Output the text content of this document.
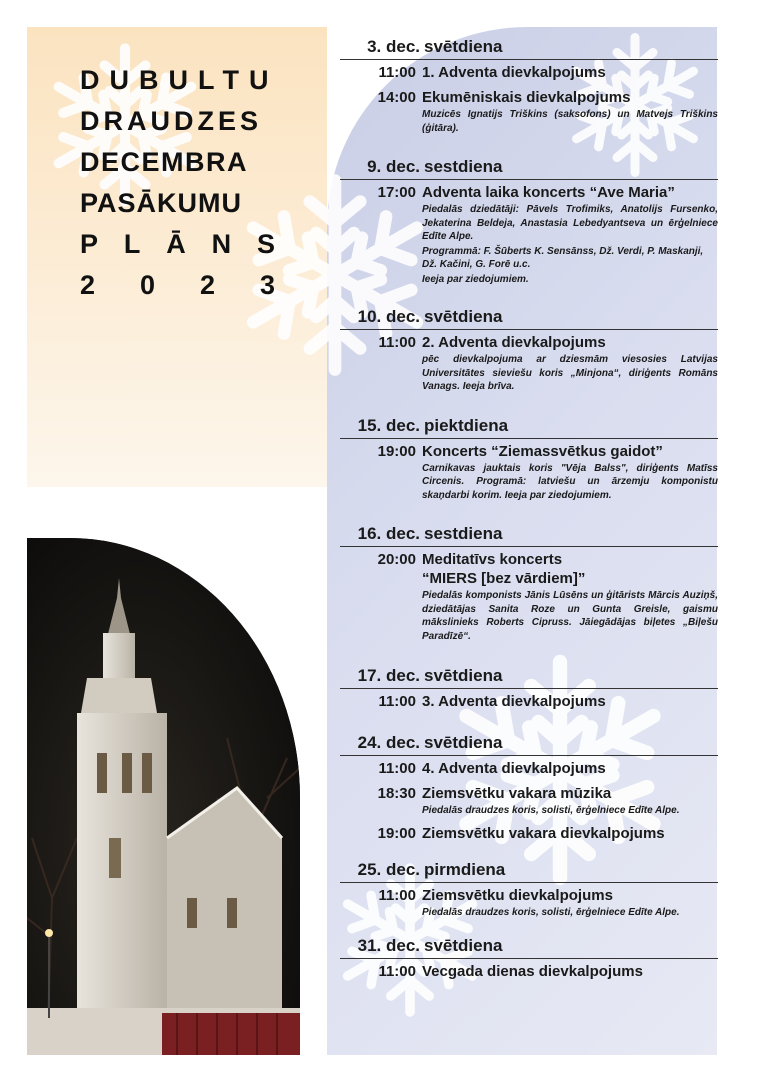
DUBULTU
DRAUDZES
DECEMBRA
PASĀKUMU
P L Ā N S
2 0 2 3
3. dec. svētdiena
11:00 1. Adventa dievkalpojums
14:00 Ekumēniskais dievkalpojums
Muzicēs Ignatijs Triškins (saksofons) un Matvejs Triškins (ģitāra).
9. dec. sestdiena
17:00 Adventa laika koncerts “Ave Maria”
Piedalās dziedātāji: Pāvels Trofimiks, Anatolijs Fursenko, Jekaterina Beldeja, Anastasia Lebedyantseva un ērģelniece Edīte Alpe.
Programmā: F. Šūberts K. Sensānss, Dž. Verdi, P. Maskanji, Dž. Kačini, G. Forē u.c.
Ieeja par ziedojumiem.
10. dec. svētdiena
11:00 2. Adventa dievkalpojums
pēc dievkalpojuma ar dziesmām viesosies Latvijas Universitātes sieviešu koris „Minjona“, diriģents Romāns Vanags. Ieeja brīva.
15. dec. piektdiena
19:00 Koncerts “Ziemassvētkus gaidot”
Carnikavas jauktais koris "Vēja Balss", diriģents Matīss Circenis. Programā: latviešu un ārzemju komponistu skaņdarbi korim. Ieeja par ziedojumiem.
16. dec. sestdiena
20:00 Meditatīvs koncerts
“MIERS [bez vārdiem]”
Piedalās komponists Jānis Lūsēns un ģitārists Mārcis Auziņš, dziedātājas Sanita Roze un Gunta Greisle, gaismu mākslinieks Roberts Cipruss. Jāiegādājas biļetes „Biļešu Paradīzē“.
17. dec. svētdiena
11:00 3. Adventa dievkalpojums
24. dec. svētdiena
11:00 4. Adventa dievkalpojums
18:30 Ziemsvētku vakara mūzika
Piedalās draudzes koris, solisti, ērģelniece Edīte Alpe.
19:00 Ziemsvētku vakara dievkalpojums
25. dec. pirmdiena
11:00 Ziemsvētku dievkalpojums
Piedalās draudzes koris, solisti, ērģelniece Edīte Alpe.
31. dec. svētdiena
11:00 Vecgada dienas dievkalpojums
